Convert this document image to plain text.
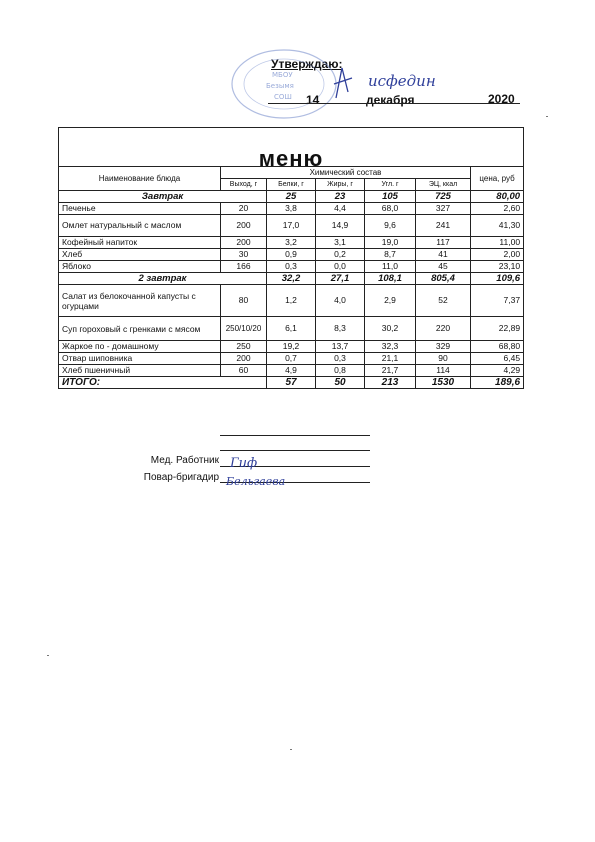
Утверждаю:
МБОУ
Безымя
СОШ
исфедин
14	декабря	2020
меню						
Наименование блюда	Химический состав					цена, руб
	Выход, г	Белки, г	Жиры, г	Угл. г	ЭЦ, ккал	
Завтрак		25	23	105	725	80,00
Печенье	20	3,8	4,4	68,0	327	2,60
Омлет натуральный с маслом	200	17,0	14,9	9,6	241	41,30
Кофейный напиток	200	3,2	3,1	19,0	117	11,00
Хлеб	30	0,9	0,2	8,7	41	2,00
Яблоко	166	0,3	0,0	11,0	45	23,10
2 завтрак		32,2	27,1	108,1	805,4	109,6
Салат из белокочанной капусты с огурцами	80	1,2	4,0	2,9	52	7,37
Суп гороховый с гренками с мясом	250/10/20	6,1	8,3	30,2	220	22,89
Жаркое по - домашному	250	19,2	13,7	32,3	329	68,80
Отвар шиповника	200	0,7	0,3	21,1	90	6,45
Хлеб пшеничный	60	4,9	0,8	21,7	114	4,29
ИТОГО:		57	50	213	1530	189,6
Мед. Работник
Повар-бригадир
Гиф
Бельгаева
